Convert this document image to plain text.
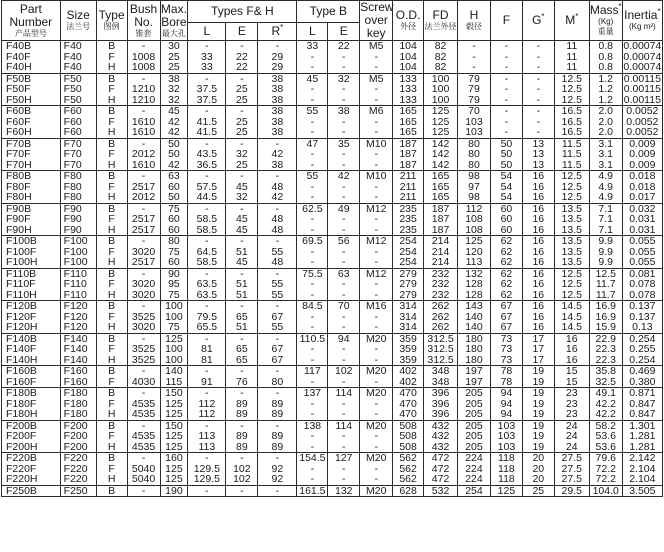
Part Number
产品型号	Size
法兰号	Type
图例	Bush No.
锥套	Max. Bore
最大孔	Types F& H			Type B		Screw over key	O.D.
外径	FD
法兰外径	H
毂径	F	G*	M*	Mass*
(Kg)
重量	Inertia*
(Kg m²)

					L	E	R*	L	E									
F40B	F40	B	-	30	-	-	-	33	22	M5	104	82	-	-	-	11	0.8	0.00074
F40F	F40	F	1008	25	33	22	29	-	-	-	104	82	-	-	-	11	0.8	0.00074
F40H	F40	H	1008	25	33	22	29	-	-	-	104	82	-	-	-	11	0.8	0.00074
F50B	F50	B	-	38	-	-	38	45	32	M5	133	100	79	-	-	12.5	1.2	0.00115
F50F	F50	F	1210	32	37.5	25	38	-	-	-	133	100	79	-	-	12.5	1.2	0.00115
F50H	F50	H	1210	32	37.5	25	38	-	-	-	133	100	79	-	-	12.5	1.2	0.00115
F60B	F60	B	-	45	-	-	38	55	38	M6	165	125	70	-	-	16.5	2.0	0.0052
F60F	F60	F	1610	42	41.5	25	38	-	-	-	165	125	103	-	-	16.5	2.0	0.0052
F60H	F60	H	1610	42	41.5	25	38	-	-	-	165	125	103	-	-	16.5	2.0	0.0052
F70B	F70	B	-	50	-	-	-	47	35	M10	187	142	80	50	13	11.5	3.1	0.009
F70F	F70	F	2012	50	43.5	32	42	-	-	-	187	142	80	50	13	11.5	3.1	0.009
F70H	F70	H	1610	42	36.5	25	38	-	-	-	187	142	80	50	13	11.5	3.1	0.009
F80B	F80	B	-	63	-	-	-	55	42	M10	211	165	98	54	16	12.5	4.9	0.018
F80F	F80	F	2517	60	57.5	45	48	-	-	-	211	165	97	54	16	12.5	4.9	0.018
F80H	F80	H	2012	50	44.5	32	42	-	-	-	211	165	98	54	16	12.5	4.9	0.017
F90B	F90	B	-	75	-	-	-	62.5	49	M12	235	187	112	60	16	13.5	7.1	0.032
F90F	F90	F	2517	60	58.5	45	48	-	-	-	235	187	108	60	16	13.5	7.1	0.031
F90H	F90	H	2517	60	58.5	45	48	-	-	-	235	187	108	60	16	13.5	7.1	0.031
F100B	F100	B	-	80	-	-	-	69.5	56	M12	254	214	125	62	16	13.5	9.9	0.055
F100F	F100	F	3020	75	64.5	51	55	-	-	-	254	214	120	62	16	13.5	9.9	0.055
F100H	F100	H	2517	60	58.5	45	48	-	-	-	254	214	113	62	16	13.5	9.9	0.055
F110B	F110	B	-	90	-	-	-	75.5	63	M12	279	232	132	62	16	12.5	12.5	0.081
F110F	F110	F	3020	95	63.5	51	55	-	-	-	279	232	128	62	16	12.5	11.7	0.078
F110H	F110	H	3020	75	63.5	51	55	-	-	-	279	232	128	62	16	12.5	11.7	0.078
F120B	F120	B	-	100	-	-	-	84.5	70	M16	314	262	143	67	16	14.5	16.9	0.137
F120F	F120	F	3525	100	79.5	65	67	-	-	-	314	262	140	67	16	14.5	16.9	0.137
F120H	F120	H	3020	75	65.5	51	55	-	-	-	314	262	140	67	16	14.5	15.9	0.13
F140B	F140	B	-	125	-	-	-	110.5	94	M20	359	312.5	180	73	17	16	22.9	0.254
F140F	F140	F	3525	100	81	65	67	-	-	-	359	312.5	180	73	17	16	22.3	0.255
F140H	F140	H	3525	100	81	65	67	-	-	-	359	312.5	180	73	17	16	22.3	0.254
F160B	F160	B	-	140	-	-	-	117	102	M20	402	348	197	78	19	15	35.8	0.469
F160F	F160	F	4030	115	91	76	80	-	-	-	402	348	197	78	19	15	32.5	0.380
F180B	F180	B	-	150	-	-	-	137	114	M20	470	396	205	94	19	23	49.1	0.871
F180F	F180	F	4535	125	112	89	89	-	-	-	470	396	205	94	19	23	42.2	0.847
F180H	F180	H	4535	125	112	89	89	-	-	-	470	396	205	94	19	23	42.2	0.847
F200B	F200	B	-	150	-	-	-	138	114	M20	508	432	205	103	19	24	58.2	1.301
F200F	F200	F	4535	125	113	89	89	-	-	-	508	432	205	103	19	24	53.6	1.281
F200H	F200	H	4535	125	113	89	89	-	-	-	508	432	205	103	19	24	53.6	1.281
F220B	F220	B	-	160	-	-	-	154.5	127	M20	562	472	224	118	20	27.5	79.6	2.142
F220F	F220	F	5040	125	129.5	102	92	-	-	-	562	472	224	118	20	27.5	72.2	2.104
F220H	F220	H	5040	125	129.5	102	92	-	-	-	562	472	224	118	20	27.5	72.2	2.104
F250B	F250	B	-	190	-	-	-	161.5	132	M20	628	532	254	125	25	29.5	104.0	3.505
